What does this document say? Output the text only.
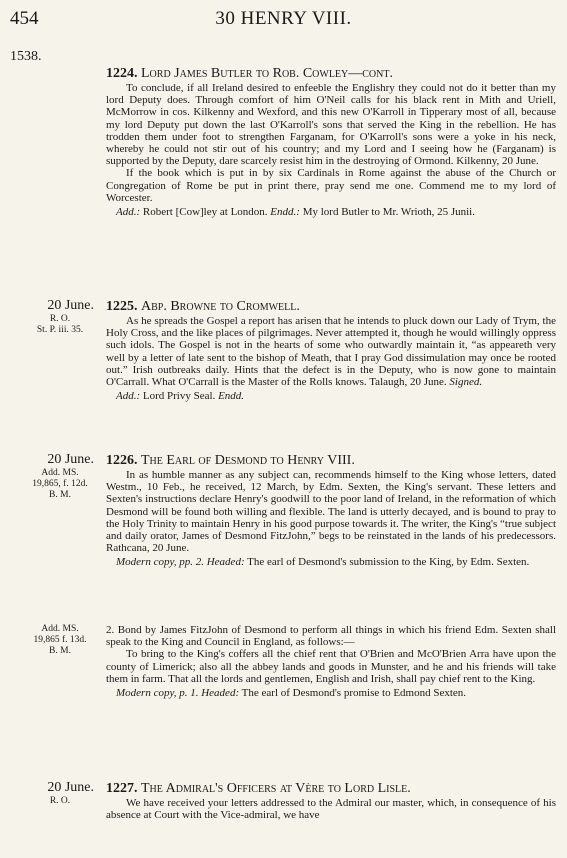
454	30 HENRY VIII.
1538.
1224. Lord James Butler to Rob. Cowley—cont.

To conclude, if all Ireland desired to enfeeble the Englishry they could not do it better than my lord Deputy does. Through comfort of him O'Neil calls for his black rent in Mith and Uriell, McMorrow in cos. Kilkenny and Wexford, and this new O'Karroll in Tipperary most of all, because my lord Deputy put down the last O'Karroll's sons that served the King in the rebellion. He has trodden them under foot to strengthen Farganam, for O'Karroll's sons were a yoke in his neck, whereby he could not stir out of his country; and my Lord and I seeing how he (Farganam) is supported by the Deputy, dare scarcely resist him in the destroying of Ormond. Kilkenny, 20 June.

If the book which is put in by six Cardinals in Rome against the abuse of the Church or Congregation of Rome be put in print there, pray send me one. Commend me to my lord of Worcester.

Add.: Robert [Cow]ley at London. Endd.: My lord Butler to Mr. Wrioth, 25 Junii.

20 June.
R. O.
St. P. iii. 35.
1225. Abp. Browne to Cromwell.

As he spreads the Gospel a report has arisen that he intends to pluck down our Lady of Trym, the Holy Cross, and the like places of pilgrimages. Never attempted it, though he would willingly oppress such idols. The Gospel is not in the hearts of some who outwardly maintain it, “as appeareth very well by a letter of late sent to the bishop of Meath, that I pray God dissimulation may once be rooted out.” Irish outbreaks daily. Hints that the defect is in the Deputy, who is now gone to maintain O'Carrall. What O'Carrall is the Master of the Rolls knows. Talaugh, 20 June. Signed.

Add.: Lord Privy Seal. Endd.

20 June.
Add. MS.
19,865, f. 12d.
B. M.
1226. The Earl of Desmond to Henry VIII.

In as humble manner as any subject can, recommends himself to the King whose letters, dated Westm., 10 Feb., he received, 12 March, by Edm. Sexten, the King's servant. These letters and Sexten's instructions declare Henry's goodwill to the poor land of Ireland, in the reformation of which Desmond will be found both willing and flexible. The land is utterly decayed, and is bound to pray to the Holy Trinity to maintain Henry in his good purpose towards it. The writer, the King's “true subject and daily orator, James of Desmond FitzJohn,” begs to be reinstated in the lands of his predecessors. Rathcana, 20 June.

Modern copy, pp. 2. Headed: The earl of Desmond's submission to the King, by Edm. Sexten.

Add. MS.
19,865 f. 13d.
B. M.

2. Bond by James FitzJohn of Desmond to perform all things in which his friend Edm. Sexten shall speak to the King and Council in England, as follows:—

To bring to the King's coffers all the chief rent that O'Brien and McO'Brien Arra have upon the county of Limerick; also all the abbey lands and goods in Munster, and he and his friends will take them in farm. That all the lords and gentlemen, English and Irish, shall pay chief rent to the King.

Modern copy, p. 1. Headed: The earl of Desmond's promise to Edmond Sexten.

20 June.
R. O.
1227. The Admiral's Officers at Vère to Lord Lisle.

We have received your letters addressed to the Admiral our master, which, in consequence of his absence at Court with the Vice-admiral, we have
